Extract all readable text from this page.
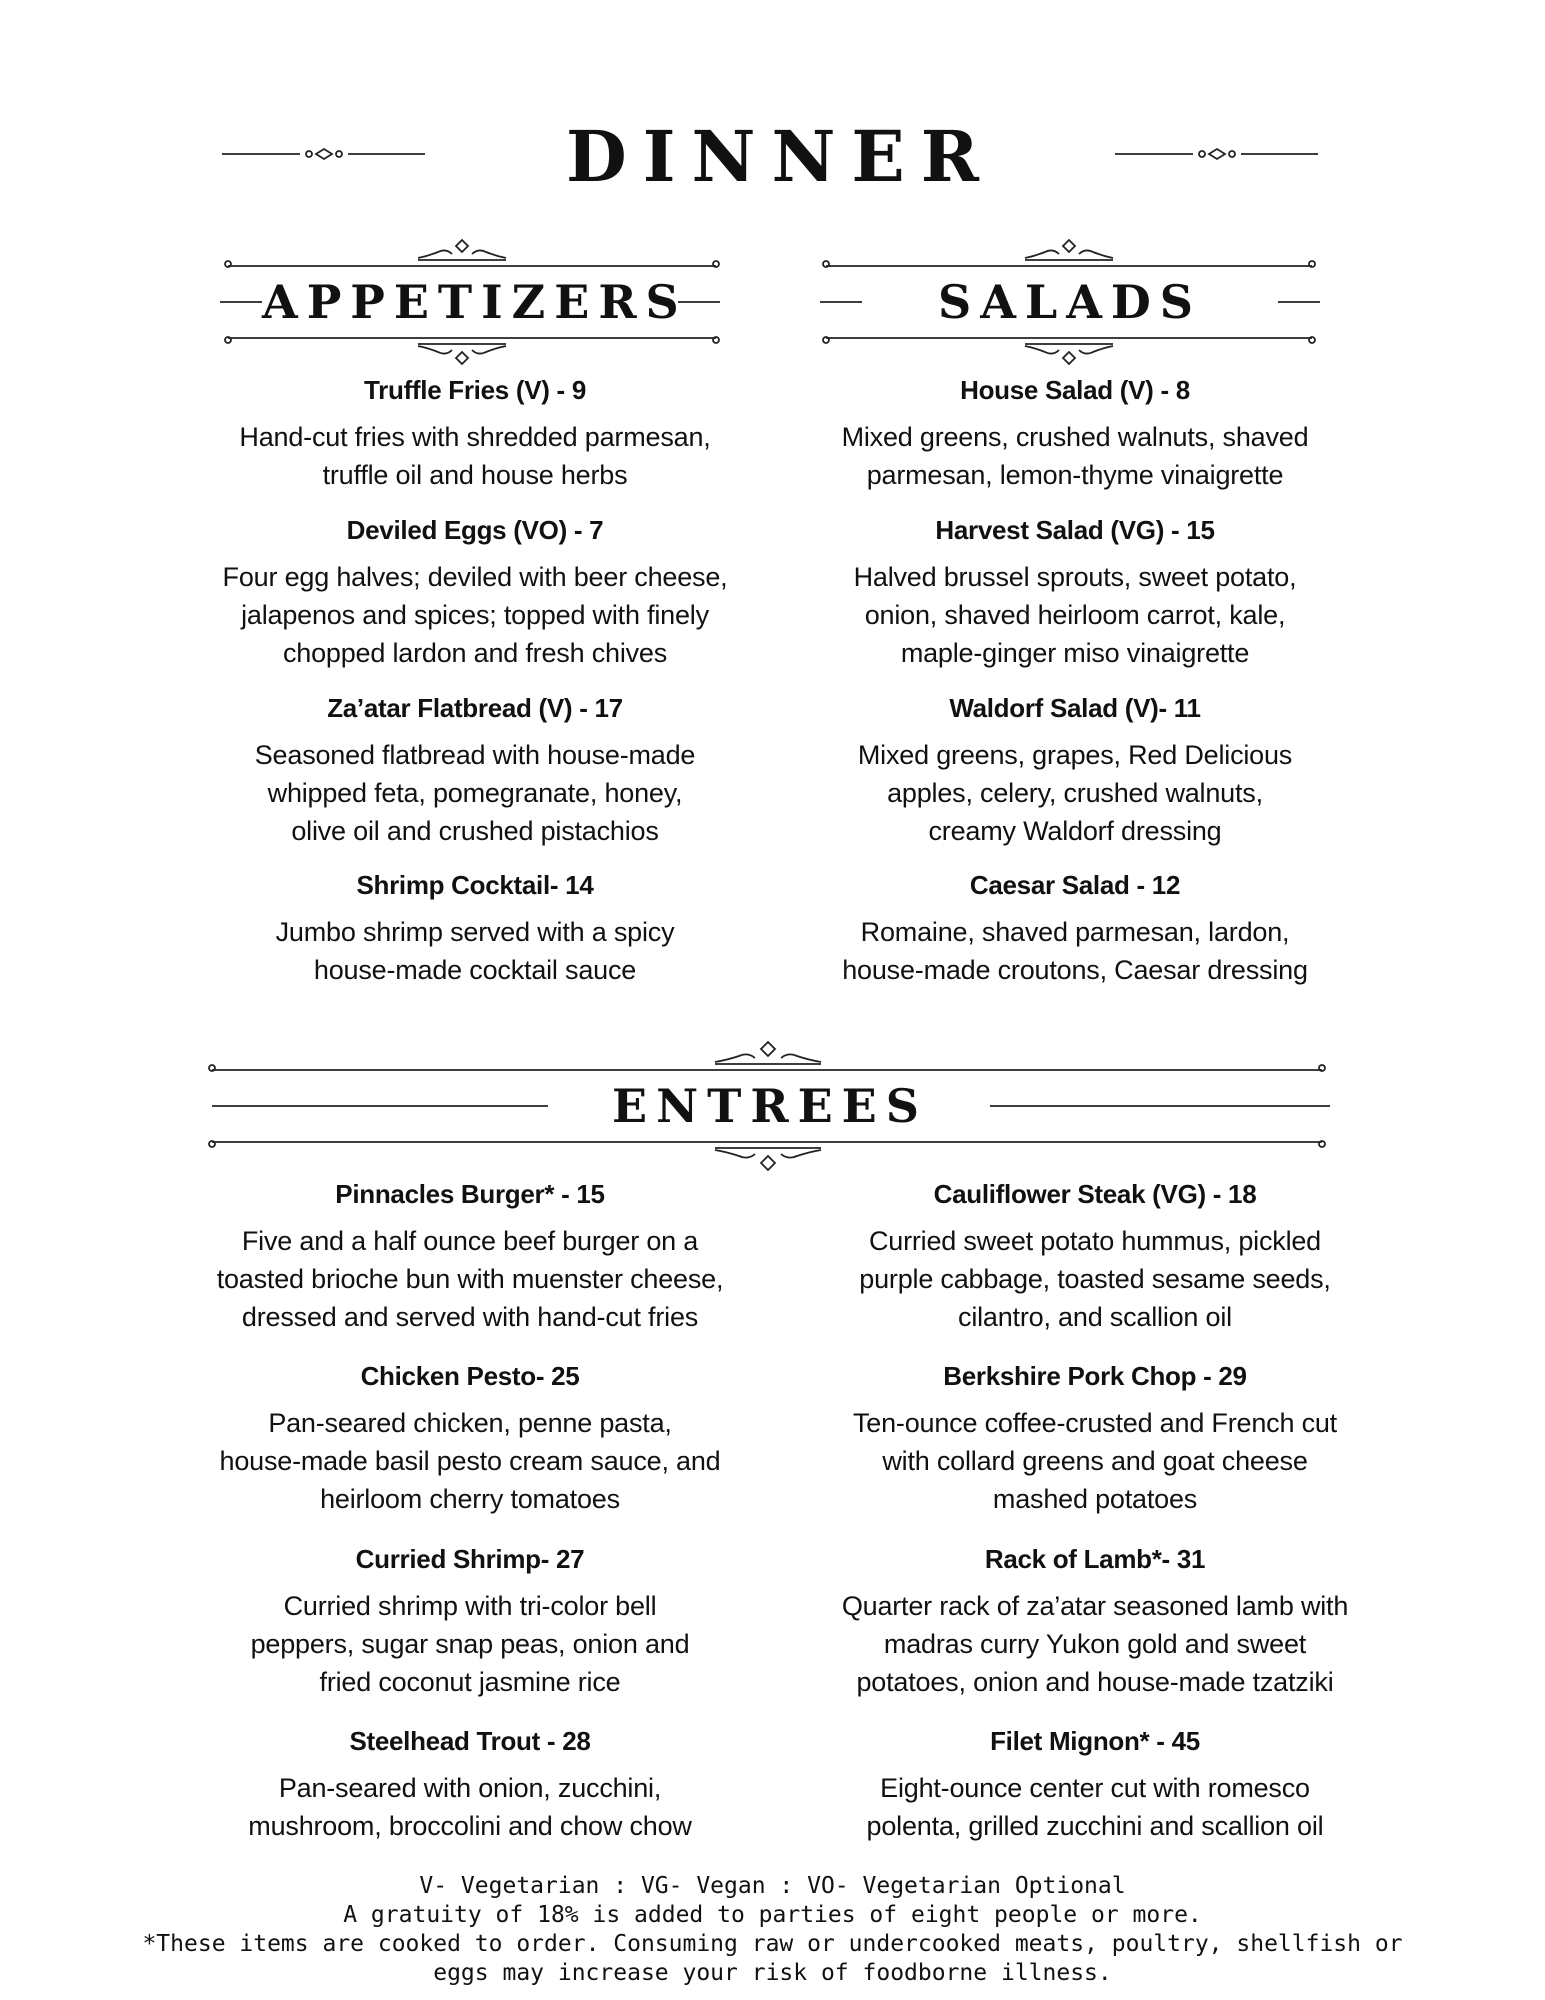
DINNER
APPETIZERS
Truffle Fries (V) - 9
Hand-cut fries with shredded parmesan,
truffle oil and house herbs
Deviled Eggs (VO) - 7
Four egg halves; deviled with beer cheese,
jalapenos and spices; topped with finely
chopped lardon and fresh chives
Za’atar Flatbread (V) - 17
Seasoned flatbread with house-made
whipped feta, pomegranate, honey,
olive oil and crushed pistachios
Shrimp Cocktail- 14
Jumbo shrimp served with a spicy
house-made cocktail sauce
SALADS
House Salad (V) - 8
Mixed greens, crushed walnuts, shaved
parmesan, lemon-thyme vinaigrette
Harvest Salad (VG) - 15
Halved brussel sprouts, sweet potato,
onion, shaved heirloom carrot, kale,
maple-ginger miso vinaigrette
Waldorf Salad (V)- 11
Mixed greens, grapes, Red Delicious
apples, celery, crushed walnuts,
creamy Waldorf dressing
Caesar Salad - 12
Romaine, shaved parmesan, lardon,
house-made croutons, Caesar dressing
ENTREES
Pinnacles Burger* - 15
Five and a half ounce beef burger on a
toasted brioche bun with muenster cheese,
dressed and served with hand-cut fries
Chicken Pesto- 25
Pan-seared chicken, penne pasta,
house-made basil pesto cream sauce, and
heirloom cherry tomatoes
Curried Shrimp- 27
Curried shrimp with tri-color bell
peppers, sugar snap peas, onion and
fried coconut jasmine rice
Steelhead Trout - 28
Pan-seared with onion, zucchini,
mushroom, broccolini and chow chow
Cauliflower Steak (VG) - 18
Curried sweet potato hummus, pickled
purple cabbage, toasted sesame seeds,
cilantro, and scallion oil
Berkshire Pork Chop - 29
Ten-ounce coffee-crusted and French cut
with collard greens and goat cheese
mashed potatoes
Rack of Lamb*- 31
Quarter rack of za’atar seasoned lamb with
madras curry Yukon gold and sweet
potatoes, onion and house-made tzatziki
Filet Mignon* - 45
Eight-ounce center cut with romesco
polenta, grilled zucchini and scallion oil
V- Vegetarian : VG- Vegan : VO- Vegetarian Optional
A gratuity of 18% is added to parties of eight people or more.
*These items are cooked to order. Consuming raw or undercooked meats, poultry, shellfish or
eggs may increase your risk of foodborne illness.
